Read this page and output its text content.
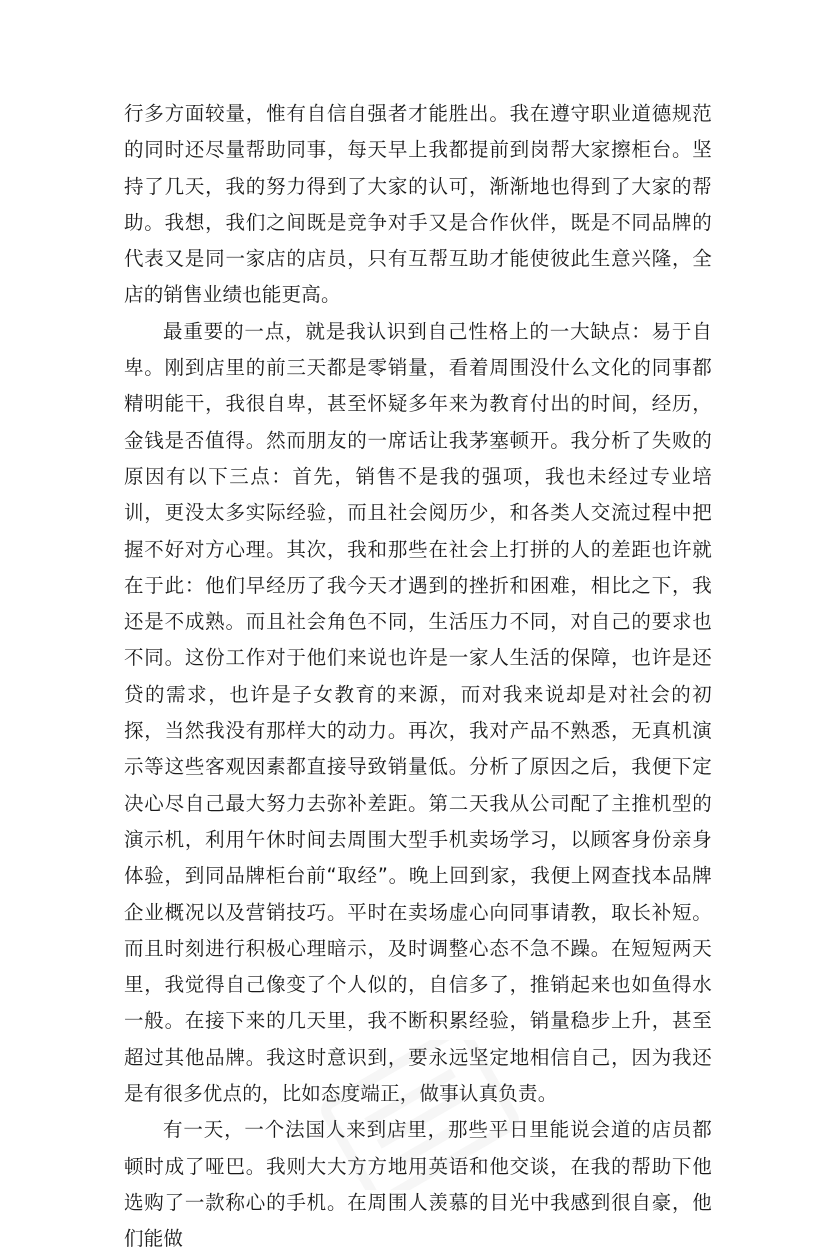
行多方面较量，惟有自信自强者才能胜出。我在遵守职业道德规范的同时还尽量帮助同事，每天早上我都提前到岗帮大家擦柜台。坚持了几天，我的努力得到了大家的认可，渐渐地也得到了大家的帮助。我想，我们之间既是竞争对手又是合作伙伴，既是不同品牌的代表又是同一家店的店员，只有互帮互助才能使彼此生意兴隆，全店的销售业绩也能更高。

最重要的一点，就是我认识到自己性格上的一大缺点：易于自卑。刚到店里的前三天都是零销量，看着周围没什么文化的同事都精明能干，我很自卑，甚至怀疑多年来为教育付出的时间，经历，金钱是否值得。然而朋友的一席话让我茅塞顿开。我分析了失败的原因有以下三点：首先，销售不是我的强项，我也未经过专业培训，更没太多实际经验，而且社会阅历少，和各类人交流过程中把握不好对方心理。其次，我和那些在社会上打拼的人的差距也许就在于此：他们早经历了我今天才遇到的挫折和困难，相比之下，我还是不成熟。而且社会角色不同，生活压力不同，对自己的要求也不同。这份工作对于他们来说也许是一家人生活的保障，也许是还贷的需求，也许是子女教育的来源，而对我来说却是对社会的初探，当然我没有那样大的动力。再次，我对产品不熟悉，无真机演示等这些客观因素都直接导致销量低。分析了原因之后，我便下定决心尽自己最大努力去弥补差距。第二天我从公司配了主推机型的演示机，利用午休时间去周围大型手机卖场学习，以顾客身份亲身体验，到同品牌柜台前“取经”。晚上回到家，我便上网查找本品牌企业概况以及营销技巧。平时在卖场虚心向同事请教，取长补短。而且时刻进行积极心理暗示，及时调整心态不急不躁。在短短两天里，我觉得自己像变了个人似的，自信多了，推销起来也如鱼得水一般。在接下来的几天里，我不断积累经验，销量稳步上升，甚至超过其他品牌。我这时意识到，要永远坚定地相信自己，因为我还是有很多优点的，比如态度端正，做事认真负责。

有一天，一个法国人来到店里，那些平日里能说会道的店员都顿时成了哑巴。我则大大方方地用英语和他交谈，在我的帮助下他选购了一款称心的手机。在周围人羡慕的目光中我感到很自豪，他们能做
